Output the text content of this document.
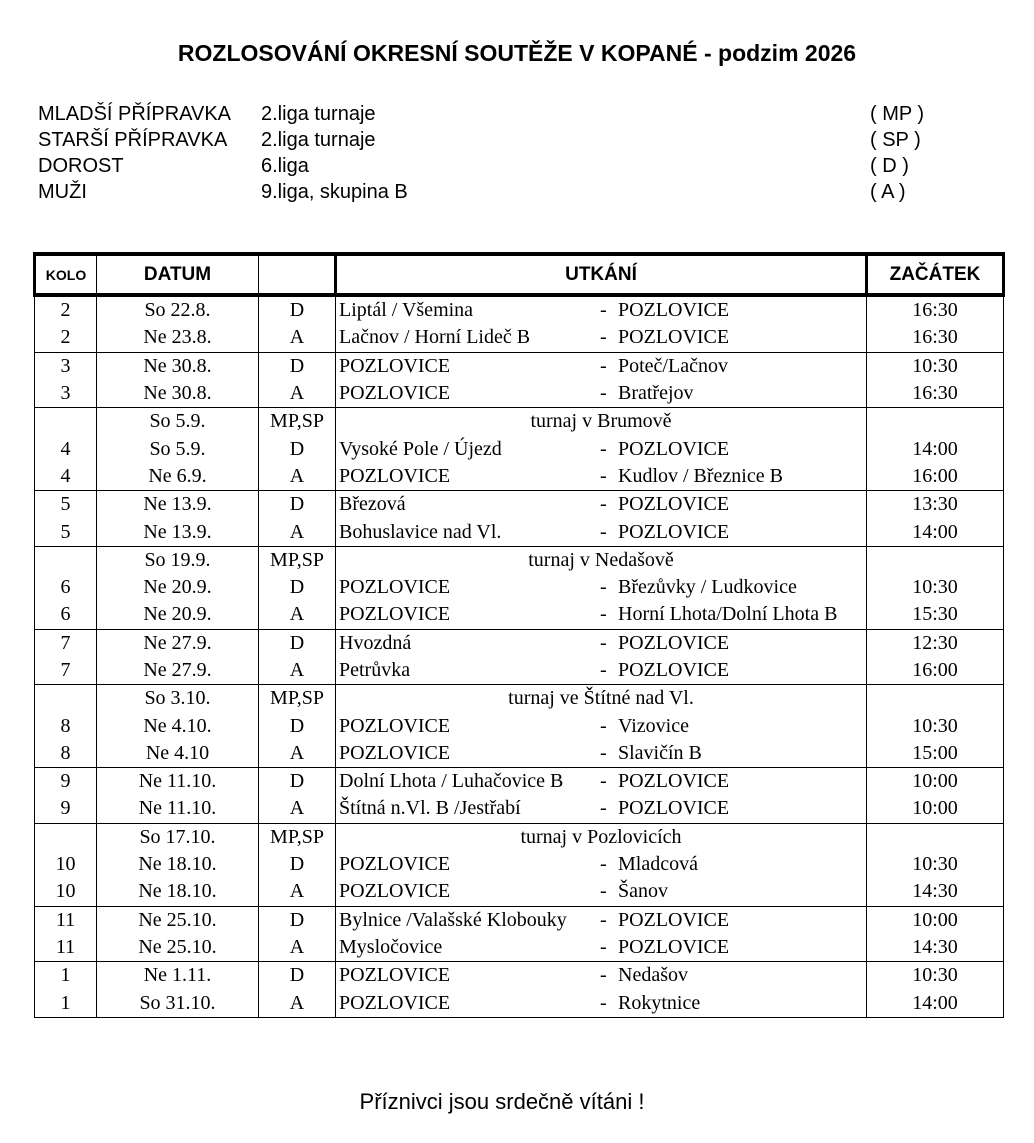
ROZLOSOVÁNÍ OKRESNÍ SOUTĚŽE V KOPANÉ - podzim 2026
MLADŠÍ PŘÍPRAVKA 2.liga turnaje	( MP )
STARŠÍ PŘÍPRAVKA 2.liga turnaje	( SP )
DOROST	6.liga	( D )
MUŽI	9.liga, skupina B	( A )
KOLO	DATUM		UTKÁNÍ	ZAČÁTEK
2	So 22.8.	D	Liptál / Všemina - POZLOVICE	16:30
2	Ne 23.8.	A	Lačnov / Horní Lideč B - POZLOVICE	16:30
3	Ne 30.8.	D	POZLOVICE - Poteč/Lačnov	10:30
3	Ne 30.8.	A	POZLOVICE - Bratřejov	16:30
	So 5.9.	MP,SP	turnaj v Brumově	

4	So 5.9.	D	Vysoké Pole / Újezd - POZLOVICE	14:00
4	Ne 6.9.	A	POZLOVICE - Kudlov / Březnice B	16:00
5	Ne 13.9.	D	Březová - POZLOVICE	13:30
5	Ne 13.9.	A	Bohuslavice nad Vl. - POZLOVICE	14:00
	So 19.9.	MP,SP	turnaj v Nedašově	

6	Ne 20.9.	D	POZLOVICE - Březůvky / Ludkovice	10:30
6	Ne 20.9.	A	POZLOVICE - Horní Lhota/Dolní Lhota B	15:30
7	Ne 27.9.	D	Hvozdná - POZLOVICE	12:30
7	Ne 27.9.	A	Petrůvka - POZLOVICE	16:00
	So 3.10.	MP,SP	turnaj ve Štítné nad Vl.	

8	Ne 4.10.	D	POZLOVICE - Vizovice	10:30
8	Ne 4.10	A	POZLOVICE - Slavičín B	15:00
9	Ne 11.10.	D	Dolní Lhota / Luhačovice B - POZLOVICE	10:00
9	Ne 11.10.	A	Štítná n.Vl. B /Jestřabí - POZLOVICE	10:00
	So 17.10.	MP,SP	turnaj v Pozlovicích	

10	Ne 18.10.	D	POZLOVICE - Mladcová	10:30
10	Ne 18.10.	A	POZLOVICE - Šanov	14:30
11	Ne 25.10.	D	Bylnice /Valašské Klobouky - POZLOVICE	10:00
11	Ne 25.10.	A	Mysločovice - POZLOVICE	14:30
1	Ne 1.11.	D	POZLOVICE - Nedašov	10:30
1	So 31.10.	A	POZLOVICE - Rokytnice	14:00
Příznivci jsou srdečně vítáni !
